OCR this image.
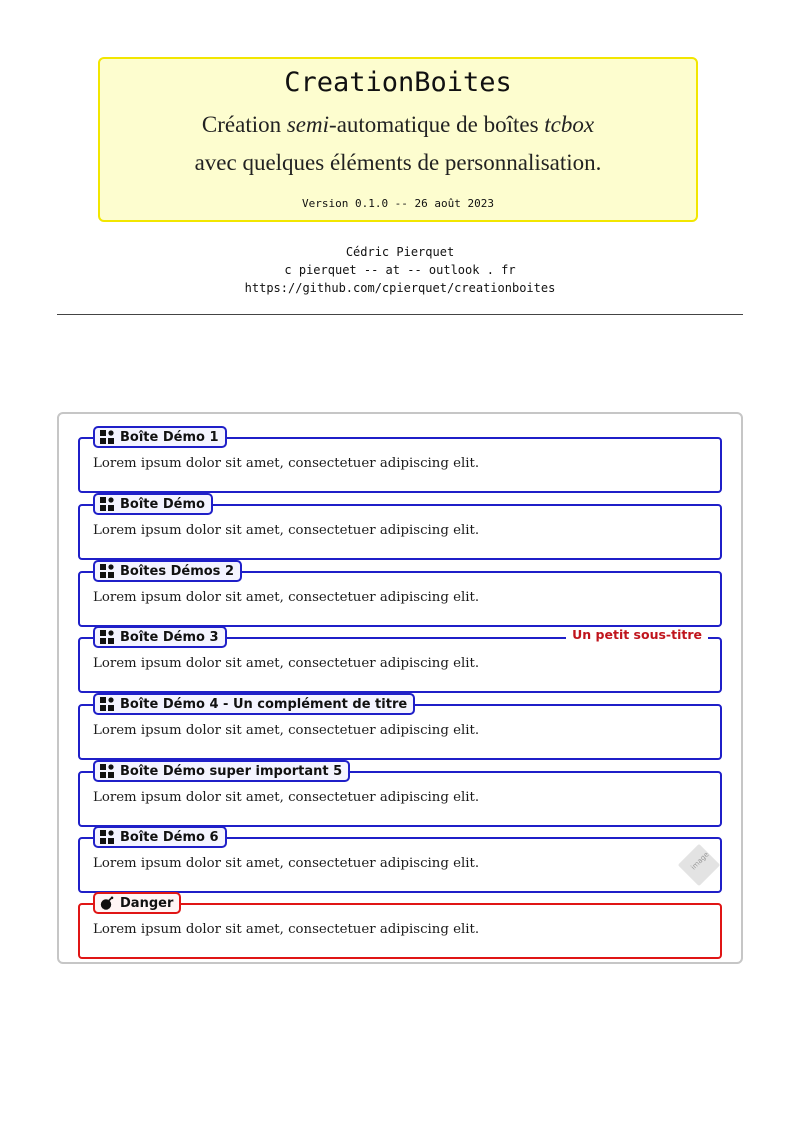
CreationBoites
Création semi-automatique de boîtes tcbox
avec quelques éléments de personnalisation.
Version 0.1.0 -- 26 août 2023
Cédric Pierquet
c pierquet -- at -- outlook . fr
https://github.com/cpierquet/creationboites
Boîte Démo 1
Lorem ipsum dolor sit amet, consectetuer adipiscing elit.
Boîte Démo
Lorem ipsum dolor sit amet, consectetuer adipiscing elit.
Boîtes Démos 2
Lorem ipsum dolor sit amet, consectetuer adipiscing elit.
Boîte Démo 3	Un petit sous-titre
Lorem ipsum dolor sit amet, consectetuer adipiscing elit.
Boîte Démo 4 - Un complément de titre
Lorem ipsum dolor sit amet, consectetuer adipiscing elit.
Boîte Démo super important 5
Lorem ipsum dolor sit amet, consectetuer adipiscing elit.
image
Boîte Démo 6
Lorem ipsum dolor sit amet, consectetuer adipiscing elit.
Danger
Lorem ipsum dolor sit amet, consectetuer adipiscing elit.
